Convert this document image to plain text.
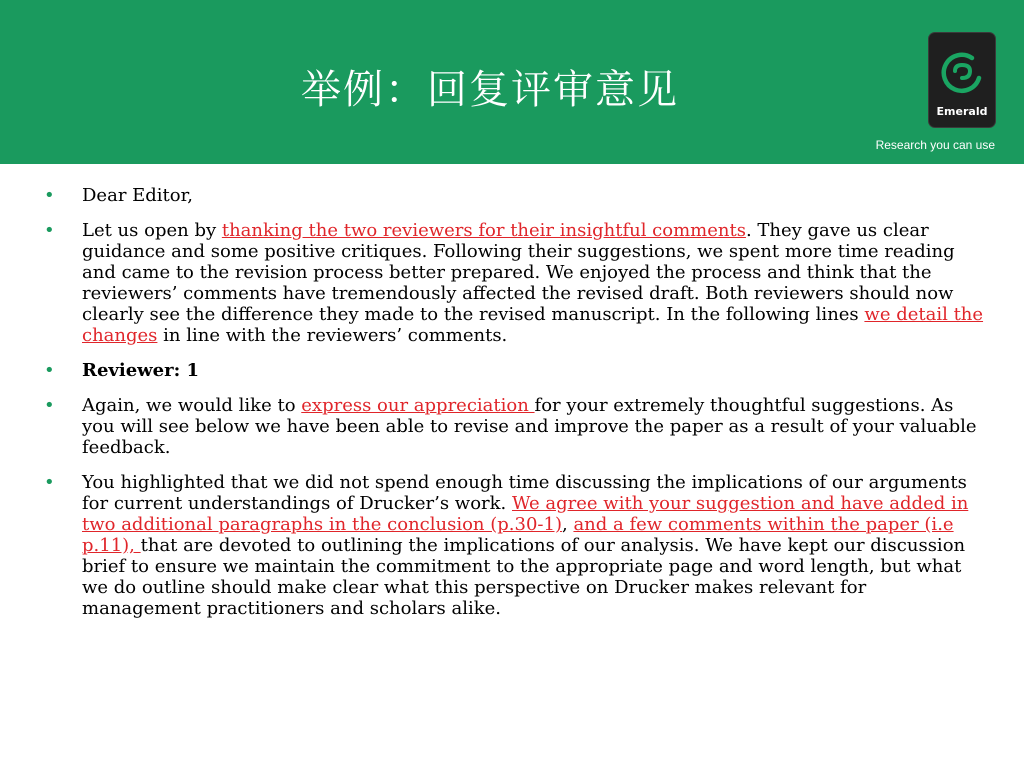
举例：回复评审意见	Emerald
Research you can use
• Dear Editor,
• Let us open by thanking the two reviewers for their insightful comments. They gave us clear guidance and some positive critiques. Following their suggestions, we spent more time reading and came to the revision process better prepared. We enjoyed the process and think that the reviewers’ comments have tremendously affected the revised draft. Both reviewers should now clearly see the difference they made to the revised manuscript. In the following lines we detail the changes in line with the reviewers’ comments.
• Reviewer: 1
• Again, we would like to express our appreciation for your extremely thoughtful suggestions. As you will see below we have been able to revise and improve the paper as a result of your valuable feedback.
• You highlighted that we did not spend enough time discussing the implications of our arguments for current understandings of Drucker’s work. We agree with your suggestion and have added in two additional paragraphs in the conclusion (p.30-1), and a few comments within the paper (i.e p.11), that are devoted to outlining the implications of our analysis. We have kept our discussion brief to ensure we maintain the commitment to the appropriate page and word length, but what we do outline should make clear what this perspective on Drucker makes relevant for management practitioners and scholars alike.
